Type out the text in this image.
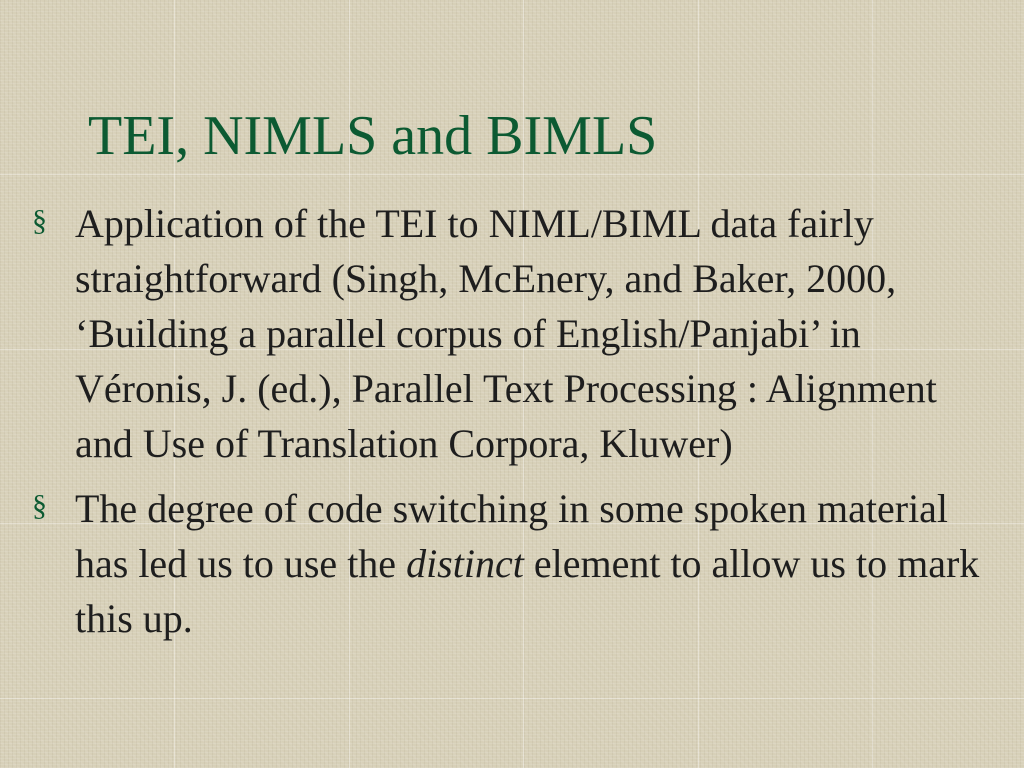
TEI, NIMLS and BIMLS
§ Application of the TEI to NIML/BIML data fairly straightforward (Singh, McEnery, and Baker, 2000, ‘Building a parallel corpus of English/Panjabi’ in Véronis, J. (ed.), Parallel Text Processing : Alignment and Use of Translation Corpora, Kluwer)
§ The degree of code switching in some spoken material has led us to use the distinct element to allow us to mark this up.
